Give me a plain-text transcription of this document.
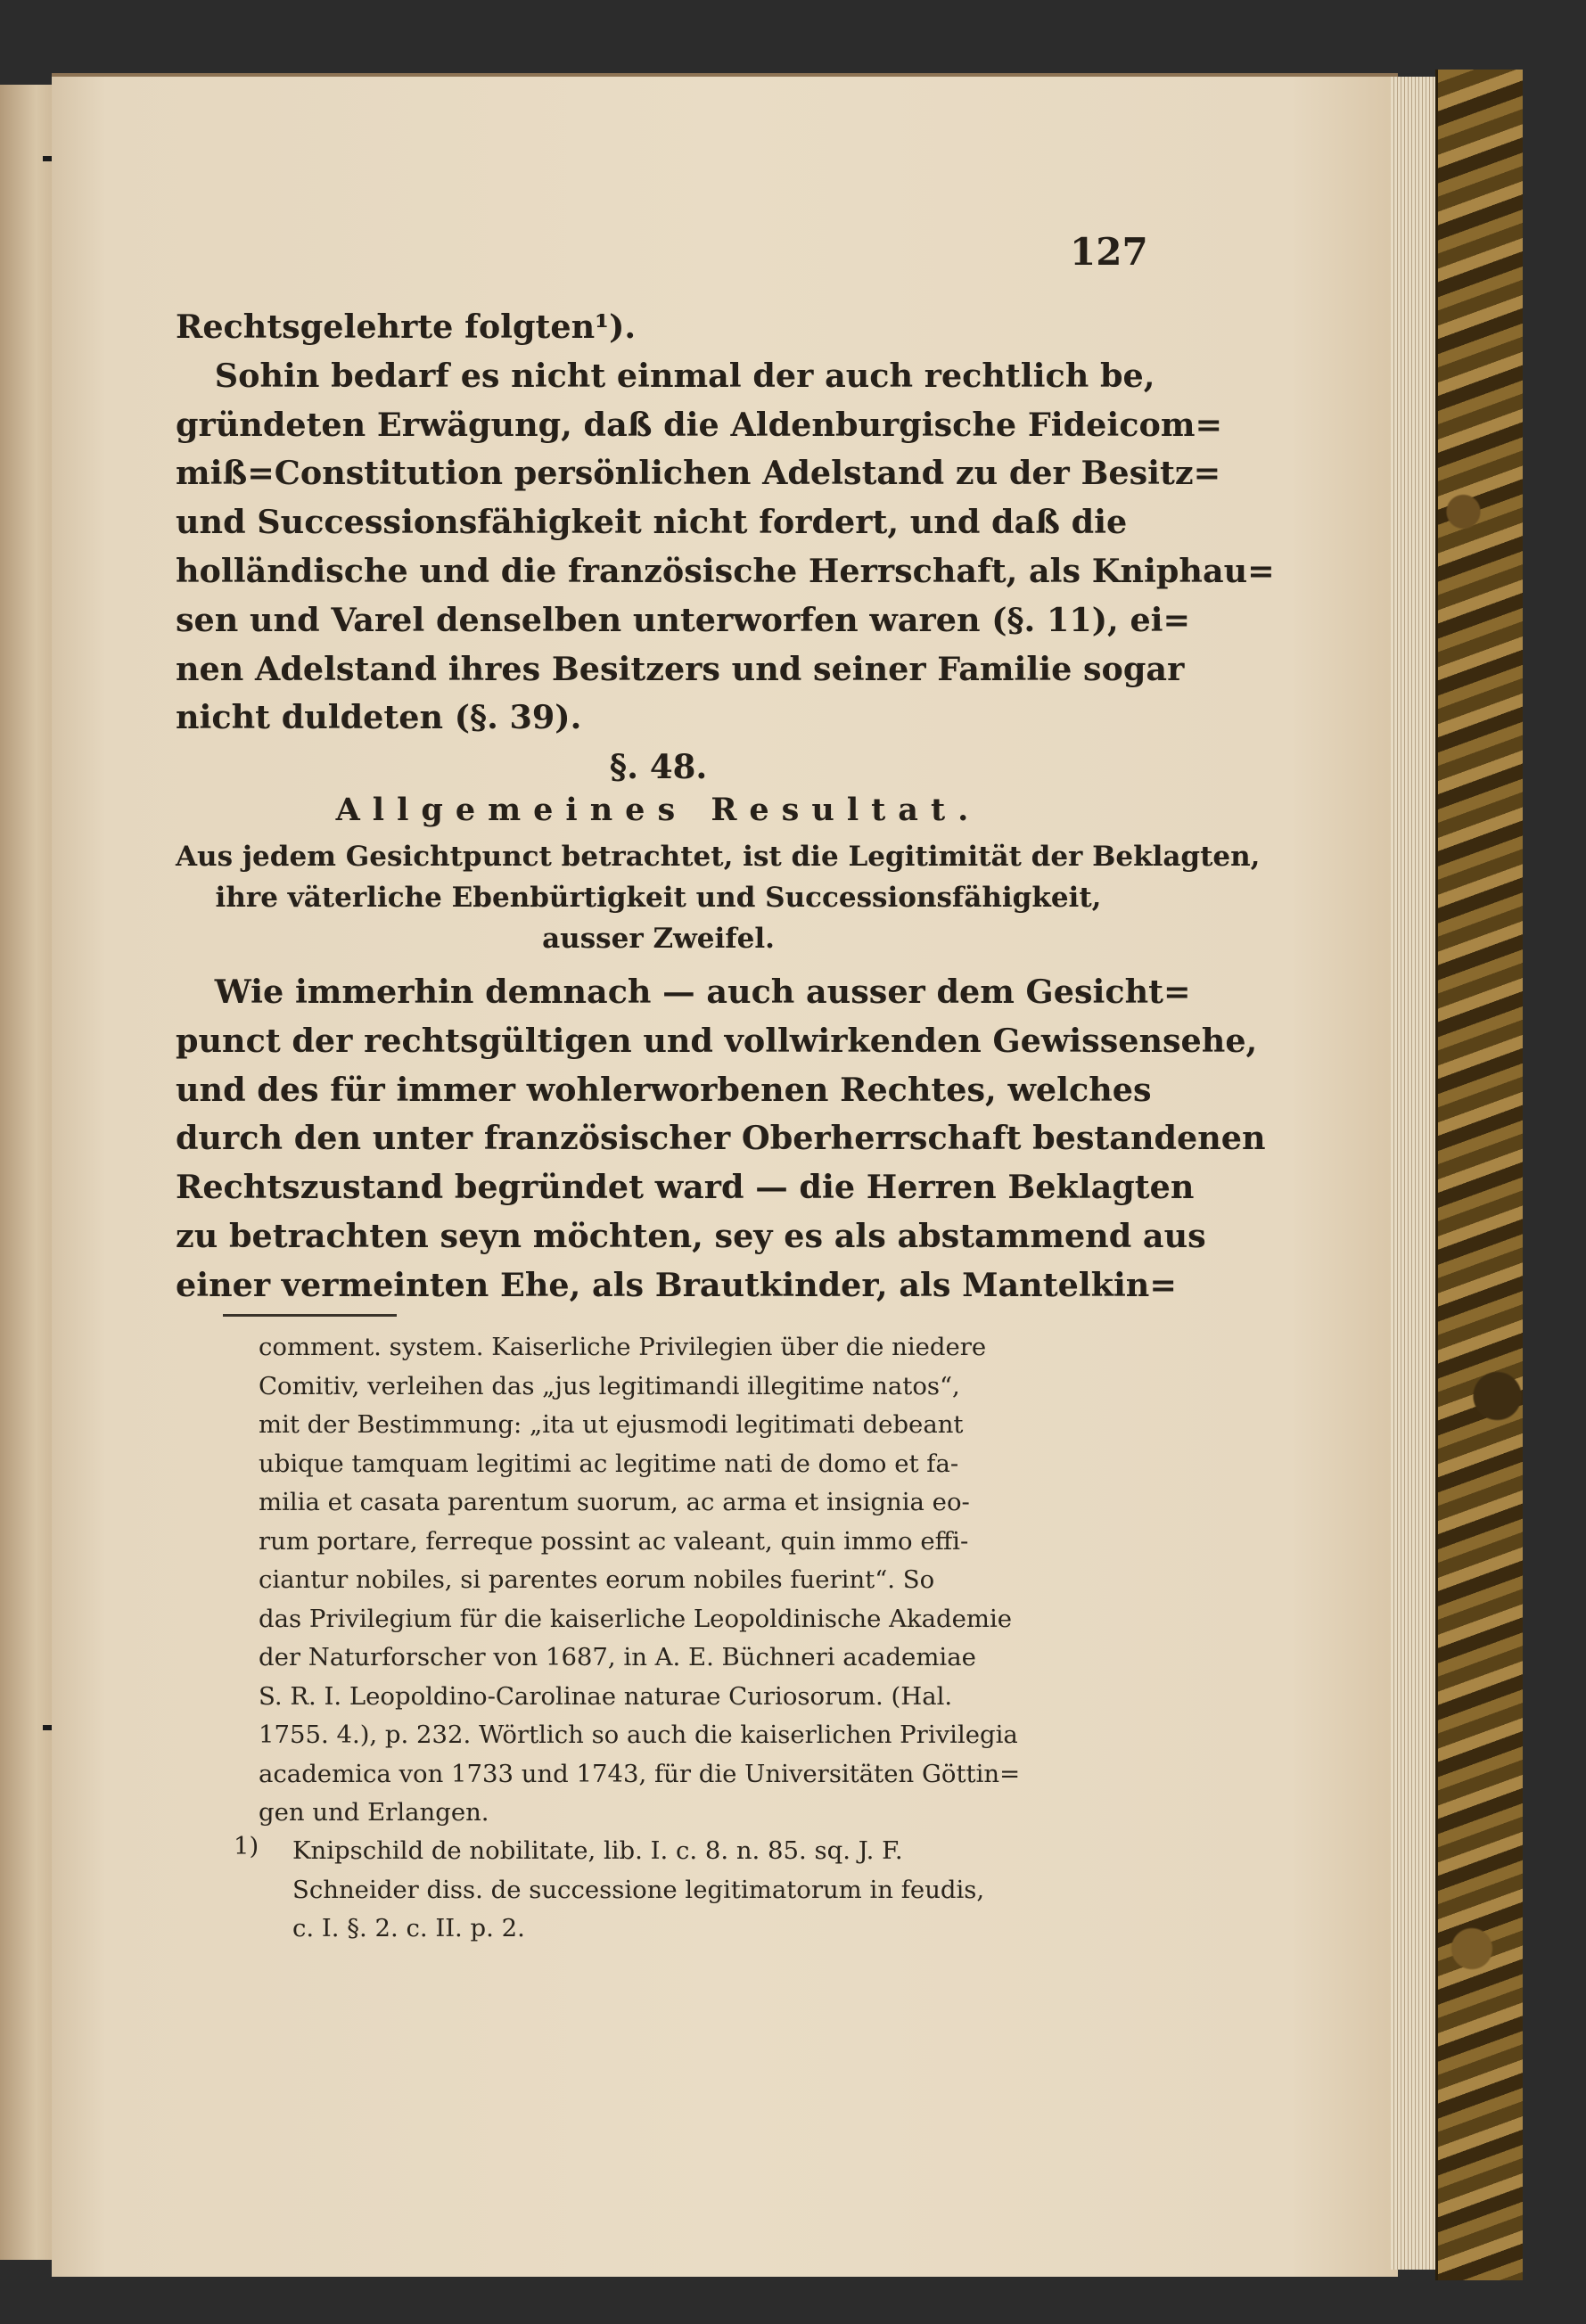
127
Rechtsgelehrte folgten¹).
Sohin bedarf es nicht einmal der auch rechtlich be,
gründeten Erwägung, daß die Aldenburgische Fideicom=
miß=Constitution persönlichen Adelstand zu der Besitz=
und Successionsfähigkeit nicht fordert, und daß die
holländische und die französische Herrschaft, als Kniphau=
sen und Varel denselben unterworfen waren (§. 11), ei=
nen Adelstand ihres Besitzers und seiner Familie sogar
nicht duldeten (§. 39).
§. 48.
Allgemeines Resultat.
Aus jedem Gesichtpunct betrachtet, ist die Legitimität der Beklagten,
ihre väterliche Ebenbürtigkeit und Successionsfähigkeit,
ausser Zweifel.
Wie immerhin demnach — auch ausser dem Gesicht=
punct der rechtsgültigen und vollwirkenden Gewissensehe,
und des für immer wohlerworbenen Rechtes, welches
durch den unter französischer Oberherrschaft bestandenen
Rechtszustand begründet ward — die Herren Beklagten
zu betrachten seyn möchten, sey es als abstammend aus
einer vermeinten Ehe, als Brautkinder, als Mantelkin=
comment. system. Kaiserliche Privilegien über die niedere
Comitiv, verleihen das „jus legitimandi illegitime natos“,
mit der Bestimmung: „ita ut ejusmodi legitimati debeant
ubique tamquam legitimi ac legitime nati de domo et fa-
milia et casata parentum suorum, ac arma et insignia eo-
rum portare, ferreque possint ac valeant, quin immo effi-
ciantur nobiles, si parentes eorum nobiles fuerint“. So
das Privilegium für die kaiserliche Leopoldinische Akademie
der Naturforscher von 1687, in A. E. Büchneri academiae
S. R. I. Leopoldino-Carolinae naturae Curiosorum. (Hal.
1755. 4.), p. 232. Wörtlich so auch die kaiserlichen Privilegia
academica von 1733 und 1743, für die Universitäten Göttin=
gen und Erlangen.
1) Knipschild de nobilitate, lib. I. c. 8. n. 85. sq. J. F.
Schneider diss. de successione legitimatorum in feudis,
c. I. §. 2. c. II. p. 2.
